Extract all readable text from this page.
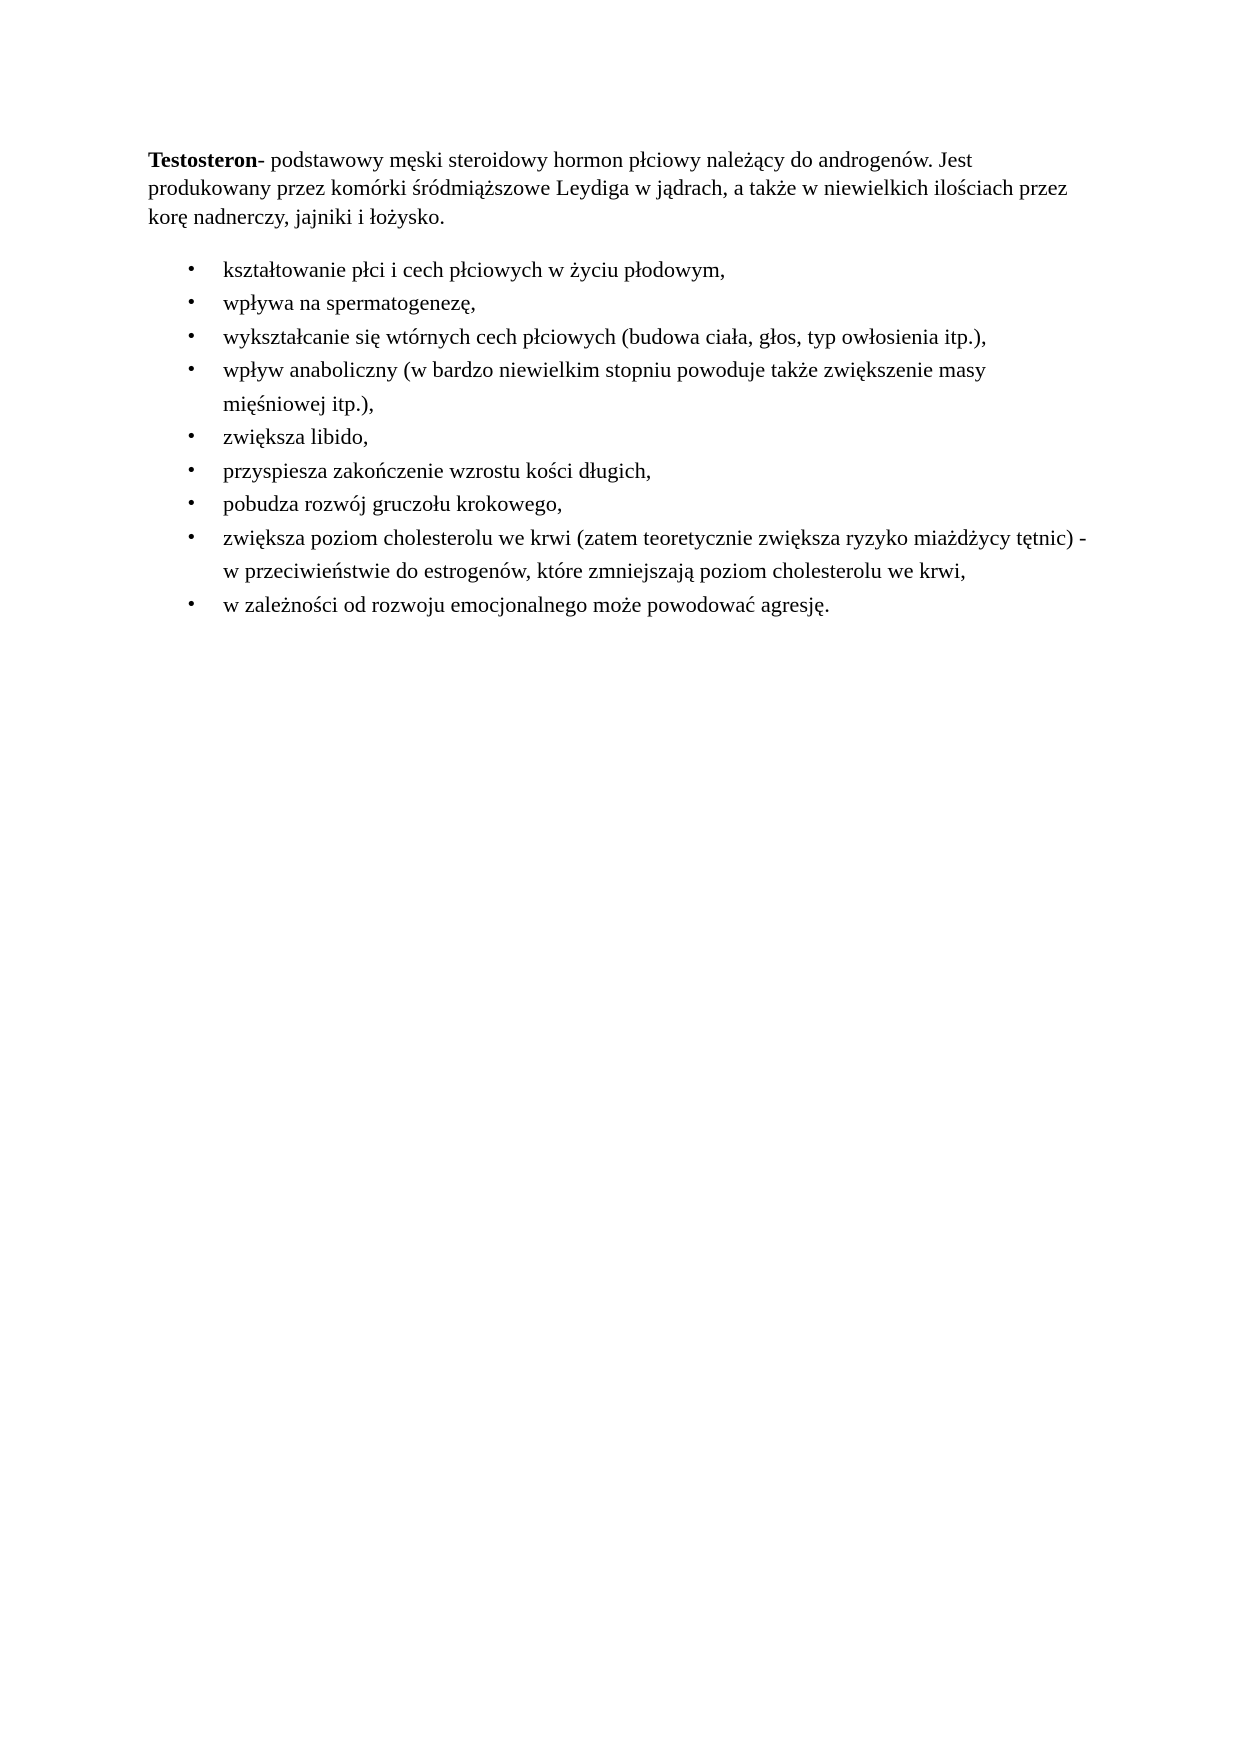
Testosteron- podstawowy męski steroidowy hormon płciowy należący do androgenów. Jest produkowany przez komórki śródmiąższowe Leydiga w jądrach, a także w niewielkich ilościach przez korę nadnerczy, jajniki i łożysko.

• kształtowanie płci i cech płciowych w życiu płodowym,
• wpływa na spermatogenezę,
• wykształcanie się wtórnych cech płciowych (budowa ciała, głos, typ owłosienia itp.),
• wpływ anaboliczny (w bardzo niewielkim stopniu powoduje także zwiększenie masy mięśniowej itp.),
• zwiększa libido,
• przyspiesza zakończenie wzrostu kości długich,
• pobudza rozwój gruczołu krokowego,
• zwiększa poziom cholesterolu we krwi (zatem teoretycznie zwiększa ryzyko miażdżycy tętnic) - w przeciwieństwie do estrogenów, które zmniejszają poziom cholesterolu we krwi,
• w zależności od rozwoju emocjonalnego może powodować agresję.
